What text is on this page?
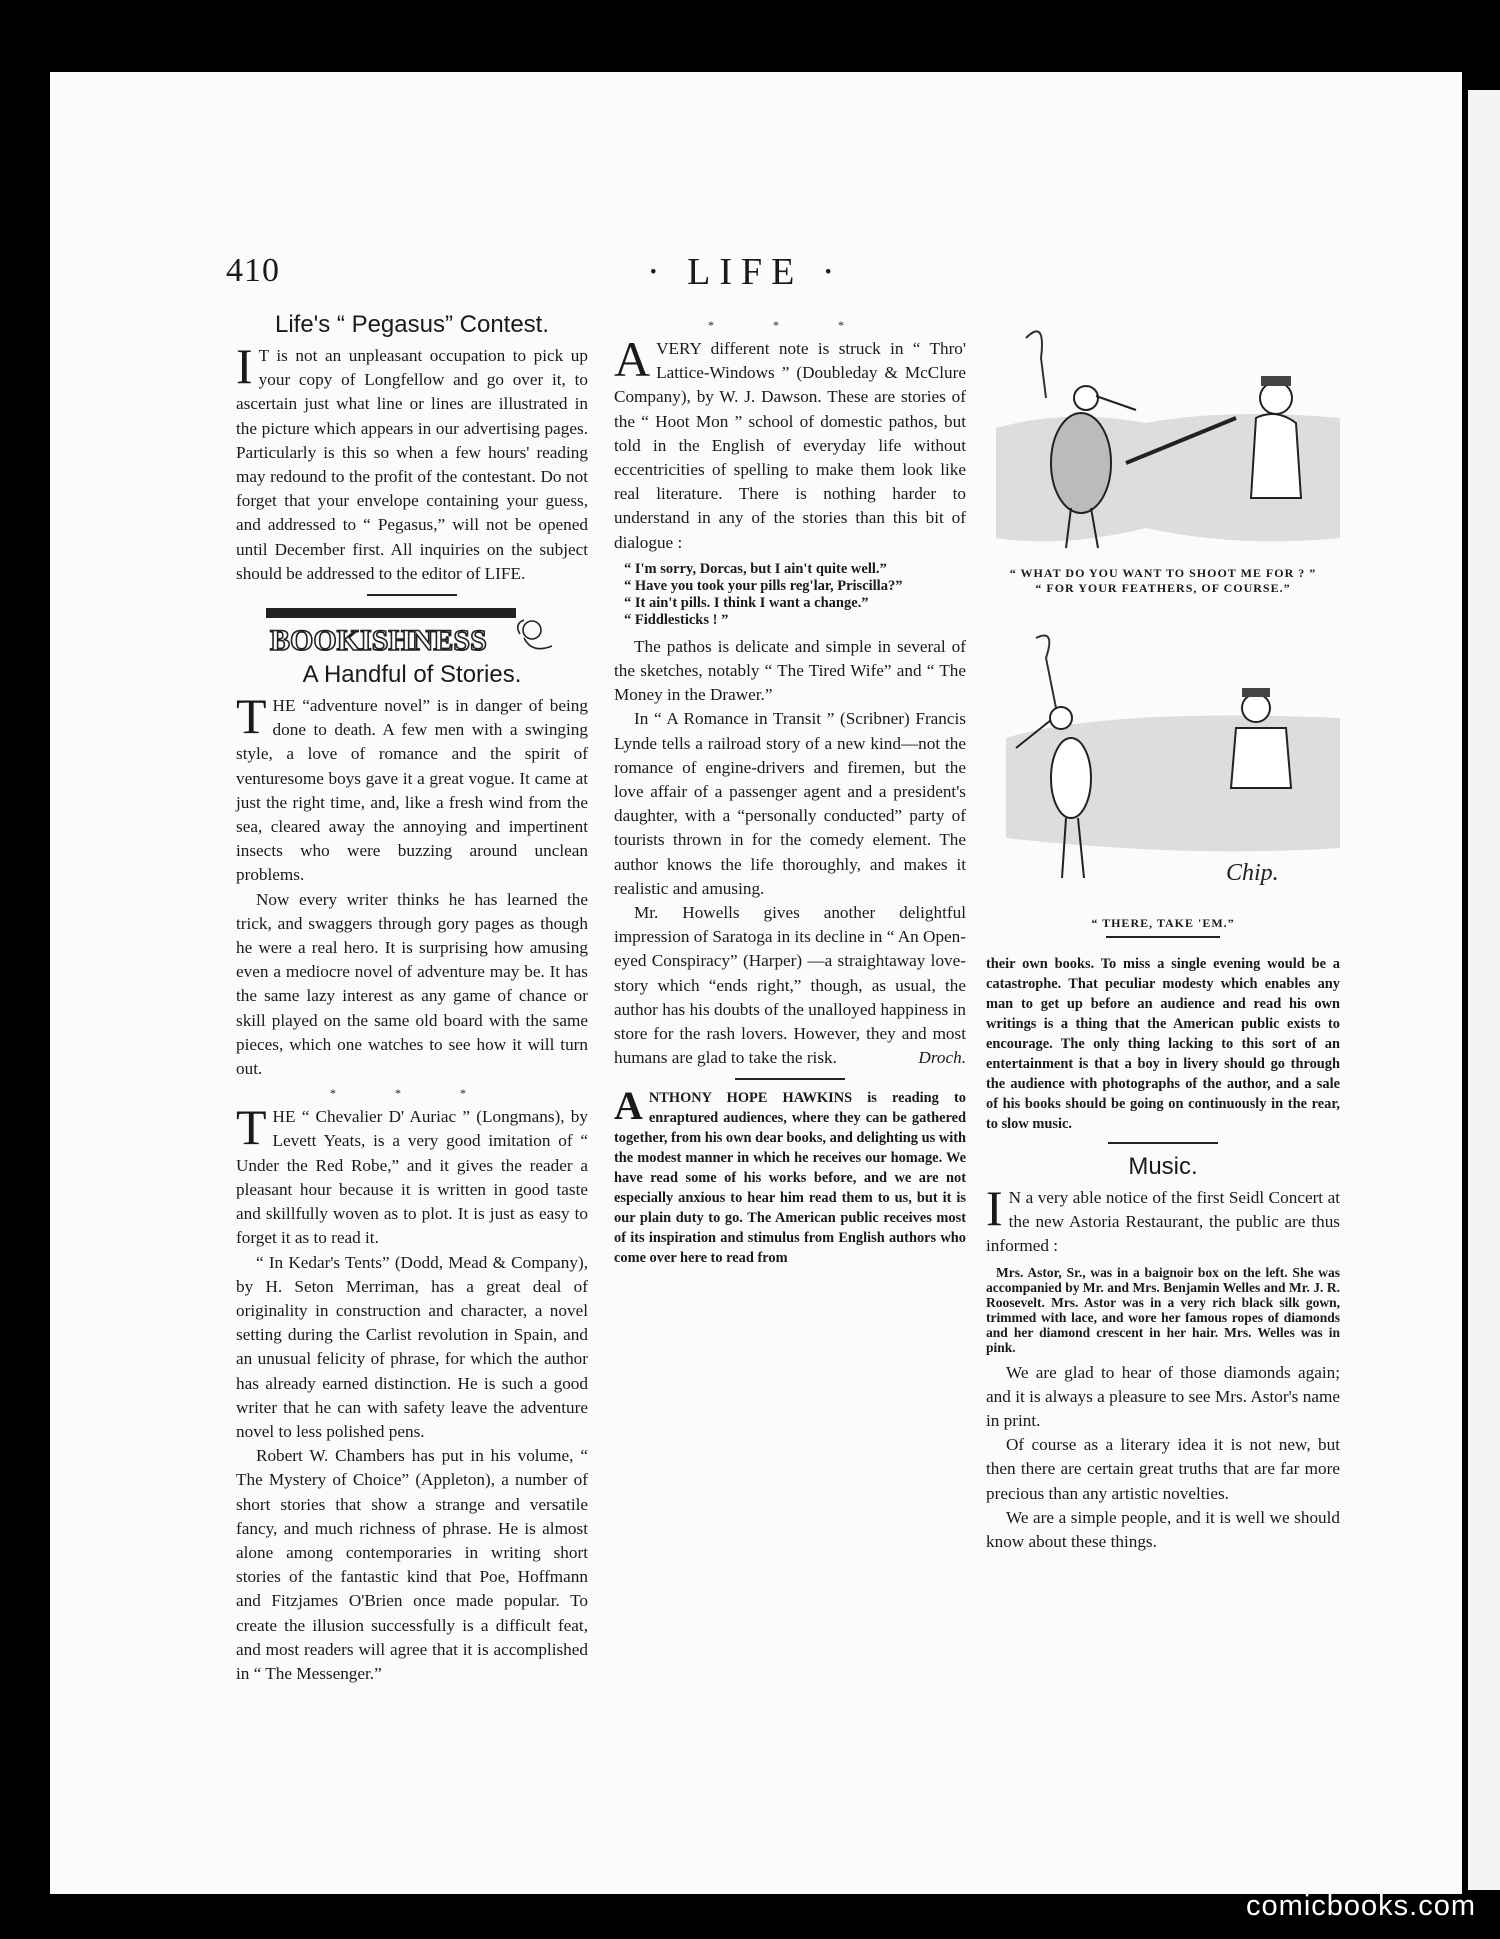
410	· LIFE ·
Life's “ Pegasus” Contest.

I T is not an unpleasant occupation to pick up your copy of Longfellow and go over it, to ascertain just what line or lines are illustrated in the picture which appears in our advertising pages. Particularly is this so when a few hours' reading may redound to the profit of the contestant. Do not forget that your envelope containing your guess, and addressed to “ Pegasus,” will not be opened until December first. All inquiries on the subject should be addressed to the editor of LIFE.

BOOKISHNESS
A Handful of Stories.

THE “adventure novel” is in danger of being done to death. A few men with a swinging style, a love of romance and the spirit of venturesome boys gave it a great vogue. It came at just the right time, and, like a fresh wind from the sea, cleared away the annoying and impertinent insects who were buzzing around unclean problems.

Now every writer thinks he has learned the trick, and swaggers through gory pages as though he were a real hero. It is surprising how amusing even a mediocre novel of adventure may be. It has the same lazy interest as any game of chance or skill played on the same old board with the same pieces, which one watches to see how it will turn out.

* * *

THE “ Chevalier D' Auriac ” (Longmans), by Levett Yeats, is a very good imitation of “ Under the Red Robe,” and it gives the reader a pleasant hour because it is written in good taste and skillfully woven as to plot. It is just as easy to forget it as to read it.

“ In Kedar's Tents” (Dodd, Mead & Company), by H. Seton Merriman, has a great deal of originality in construction and character, a novel setting during the Carlist revolution in Spain, and an unusual felicity of phrase, for which the author has already earned distinction. He is such a good writer that he can with safety leave the adventure novel to less polished pens.

Robert W. Chambers has put in his volume, “ The Mystery of Choice” (Appleton), a number of short stories that show a strange and versatile fancy, and much richness of phrase. He is almost alone among contemporaries in writing short stories of the fantastic kind that Poe, Hoffmann and Fitzjames O'Brien once made popular. To create the illusion successfully is a difficult feat, and most readers will agree that it is accomplished in “ The Messenger.”

* * *

AVERY different note is struck in “ Thro' Lattice-Windows ” (Doubleday & McClure Company), by W. J. Dawson. These are stories of the “ Hoot Mon ” school of domestic pathos, but told in the English of everyday life without eccentricities of spelling to make them look like real literature. There is nothing harder to understand in any of the stories than this bit of dialogue :

“ I'm sorry, Dorcas, but I ain't quite well.”

“ Have you took your pills reg'lar, Priscilla?”

“ It ain't pills. I think I want a change.”

“ Fiddlesticks ! ”

The pathos is delicate and simple in several of the sketches, notably “ The Tired Wife” and “ The Money in the Drawer.”

In “ A Romance in Transit ” (Scribner) Francis Lynde tells a railroad story of a new kind—not the romance of engine-drivers and firemen, but the love affair of a passenger agent and a president's daughter, with a “personally conducted” party of tourists thrown in for the comedy element. The author knows the life thoroughly, and makes it realistic and amusing.

Mr. Howells gives another delightful impression of Saratoga in its decline in “ An Open-eyed Conspiracy” (Harper) —a straightaway love-story which “ends right,” though, as usual, the author has his doubts of the unalloyed happiness in store for the rash lovers. However, they and most humans are glad to take the risk.	Droch.

ANTHONY HOPE HAWKINS is reading to enraptured audiences, where they can be gathered together, from his own dear books, and delighting us with the modest manner in which he receives our homage. We have read some of his works before, and we are not especially anxious to hear him read them to us, but it is our plain duty to go. The American public receives most of its inspiration and stimulus from English authors who come over here to read from

“ WHAT DO YOU WANT TO SHOOT ME FOR ? ”
“ FOR YOUR FEATHERS, OF COURSE.”
Chip.
“ THERE, TAKE 'EM.”

their own books. To miss a single evening would be a catastrophe. That peculiar modesty which enables any man to get up before an audience and read his own writings is a thing that the American public exists to encourage. The only thing lacking to this sort of an entertainment is that a boy in livery should go through the audience with photographs of the author, and a sale of his books should be going on continuously in the rear, to slow music.

Music.

I N a very able notice of the first Seidl Concert at the new Astoria Restaurant, the public are thus informed :

Mrs. Astor, Sr., was in a baignoir box on the left. She was accompanied by Mr. and Mrs. Benjamin Welles and Mr. J. R. Roosevelt. Mrs. Astor was in a very rich black silk gown, trimmed with lace, and wore her famous ropes of diamonds and her diamond crescent in her hair. Mrs. Welles was in pink.

We are glad to hear of those diamonds again; and it is always a pleasure to see Mrs. Astor's name in print.

Of course as a literary idea it is not new, but then there are certain great truths that are far more precious than any artistic novelties.

We are a simple people, and it is well we should know about these things.

comicbooks.com
